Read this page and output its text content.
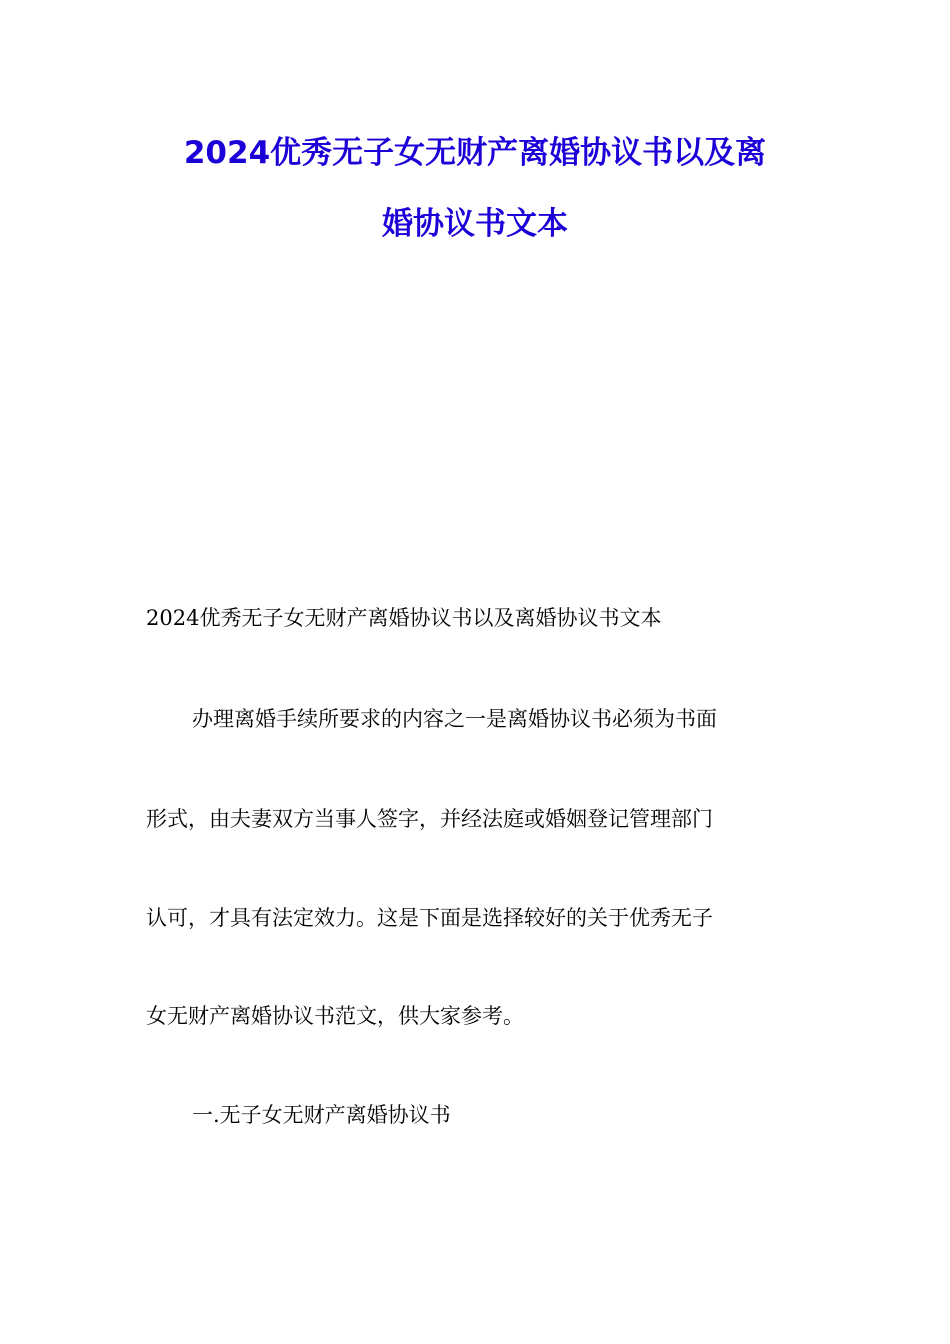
2024优秀无子女无财产离婚协议书以及离
婚协议书文本
2024优秀无子女无财产离婚协议书以及离婚协议书文本
办理离婚手续所要求的内容之一是离婚协议书必须为书面
形式，由夫妻双方当事人签字，并经法庭或婚姻登记管理部门
认可，才具有法定效力。这是下面是选择较好的关于优秀无子
女无财产离婚协议书范文，供大家参考。
一.无子女无财产离婚协议书
